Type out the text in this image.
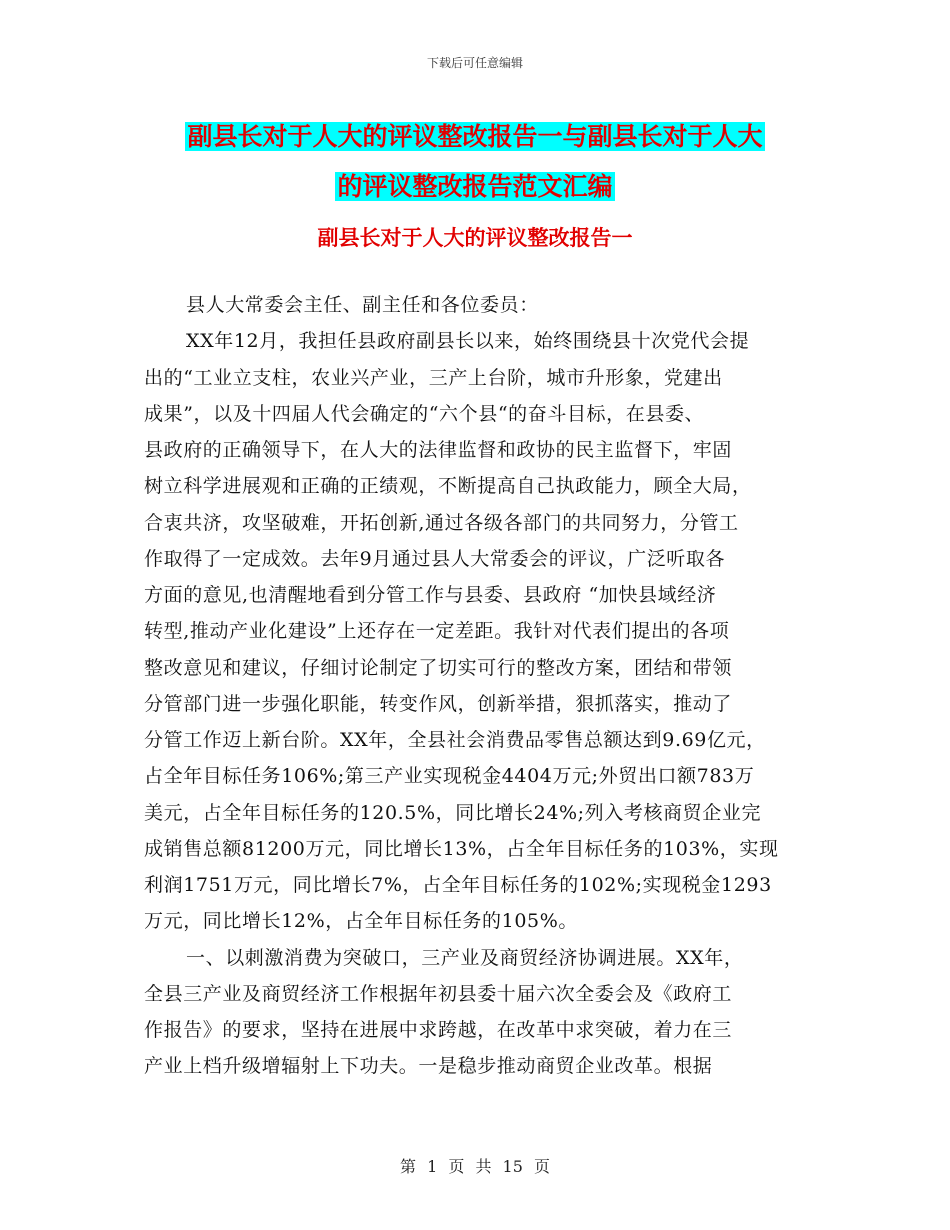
下载后可任意编辑
副县长对于人大的评议整改报告一与副县长对于人大
的评议整改报告范文汇编
副县长对于人大的评议整改报告一
县人大常委会主任、副主任和各位委员：
XX年12月，我担任县政府副县长以来，始终围绕县十次党代会提
出的“工业立支柱，农业兴产业，三产上台阶，城市升形象，党建出
成果”，以及十四届人代会确定的“六个县“的奋斗目标，在县委、
县政府的正确领导下，在人大的法律监督和政协的民主监督下，牢固
树立科学进展观和正确的正绩观，不断提高自己执政能力，顾全大局，
合衷共济，攻坚破难，开拓创新,通过各级各部门的共同努力，分管工
作取得了一定成效。去年9月通过县人大常委会的评议，广泛听取各
方面的意见,也清醒地看到分管工作与县委、县政府 “加快县域经济
转型,推动产业化建设”上还存在一定差距。我针对代表们提出的各项
整改意见和建议，仔细讨论制定了切实可行的整改方案，团结和带领
分管部门进一步强化职能，转变作风，创新举措，狠抓落实，推动了
分管工作迈上新台阶。XX年，全县社会消费品零售总额达到9.69亿元，
占全年目标任务106%;第三产业实现税金4404万元;外贸出口额783万
美元，占全年目标任务的120.5%，同比增长24%;列入考核商贸企业完
成销售总额81200万元，同比增长13%，占全年目标任务的103%，实现
利润1751万元，同比增长7%，占全年目标任务的102%;实现税金1293
万元，同比增长12%，占全年目标任务的105%。
一、以刺激消费为突破口，三产业及商贸经济协调进展。XX年，
全县三产业及商贸经济工作根据年初县委十届六次全委会及《政府工
作报告》的要求，坚持在进展中求跨越，在改革中求突破，着力在三
产业上档升级增辐射上下功夫。一是稳步推动商贸企业改革。根据
第 1 页 共 15 页
